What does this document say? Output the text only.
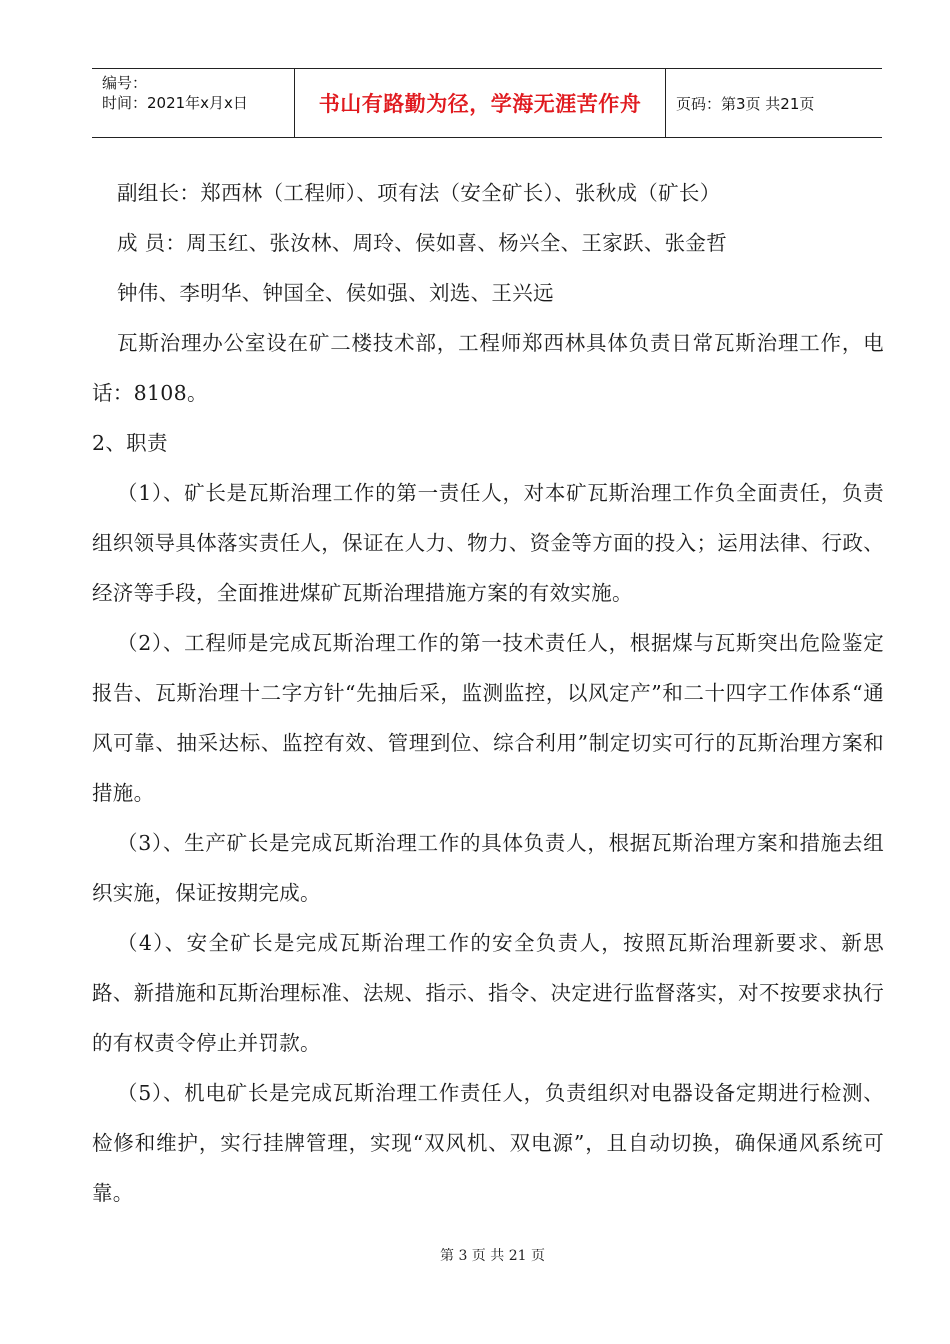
编号：
时间：2021年x月x日	书山有路勤为径，学海无涯苦作舟	页码：第3页 共21页

副组长：郑西林（工程师）、项有法（安全矿长）、张秋成（矿长）

成 员：周玉红、张汝林、周玲、侯如喜、杨兴全、王家跃、张金哲

钟伟、李明华、钟国全、侯如强、刘选、王兴远

瓦斯治理办公室设在矿二楼技术部，工程师郑西林具体负责日常瓦斯治理工作，电话：8108。

2、职责

（1）、矿长是瓦斯治理工作的第一责任人，对本矿瓦斯治理工作负全面责任，负责组织领导具体落实责任人，保证在人力、物力、资金等方面的投入；运用法律、行政、经济等手段，全面推进煤矿瓦斯治理措施方案的有效实施。

（2）、工程师是完成瓦斯治理工作的第一技术责任人，根据煤与瓦斯突出危险鉴定报告、瓦斯治理十二字方针“先抽后采，监测监控，以风定产”和二十四字工作体系“通风可靠、抽采达标、监控有效、管理到位、综合利用”制定切实可行的瓦斯治理方案和措施。

（3）、生产矿长是完成瓦斯治理工作的具体负责人，根据瓦斯治理方案和措施去组织实施，保证按期完成。

（4）、安全矿长是完成瓦斯治理工作的安全负责人，按照瓦斯治理新要求、新思路、新措施和瓦斯治理标准、法规、指示、指令、决定进行监督落实，对不按要求执行的有权责令停止并罚款。

（5）、机电矿长是完成瓦斯治理工作责任人，负责组织对电器设备定期进行检测、检修和维护，实行挂牌管理，实现“双风机、双电源”，且自动切换，确保通风系统可靠。

第 3 页 共 21 页
